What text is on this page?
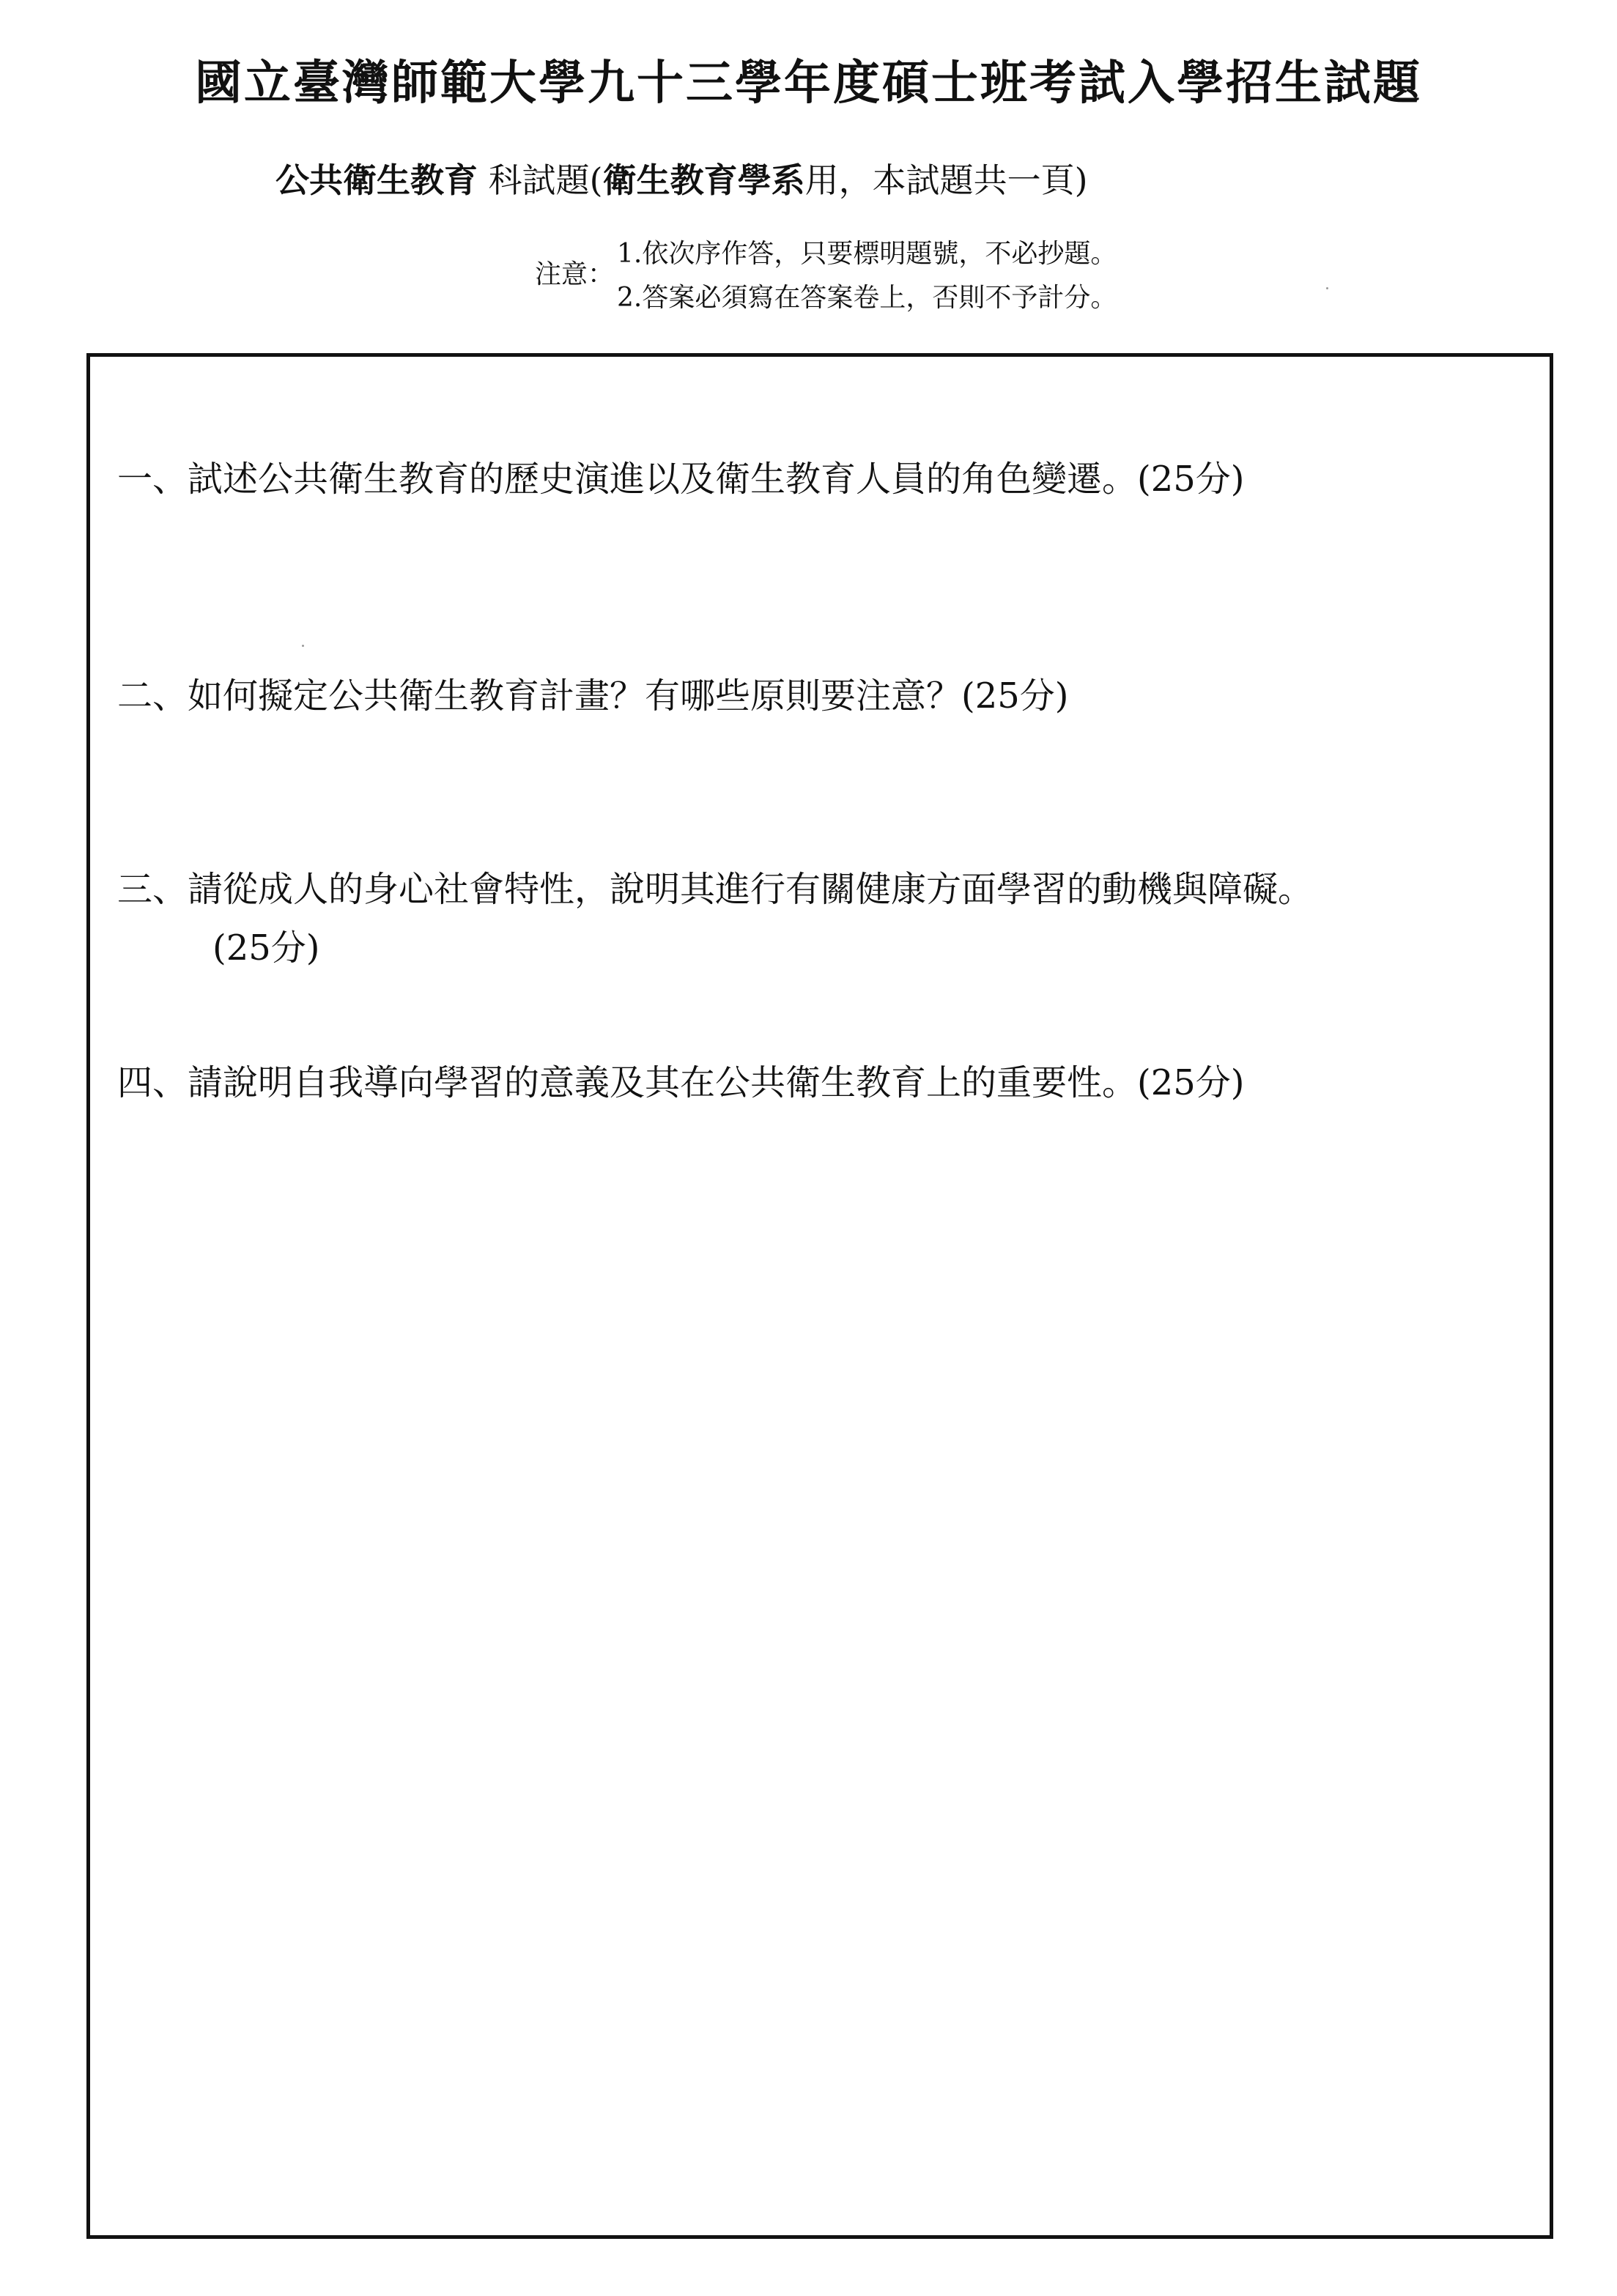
國立臺灣師範大學九十三學年度碩士班考試入學招生試題
公共衛生教育 科試題(衛生教育學系用，本試題共一頁)
注意：
1.依次序作答，只要標明題號，不必抄題。
2.答案必須寫在答案卷上，否則不予計分。
一、試述公共衛生教育的歷史演進以及衛生教育人員的角色變遷。(25分)
二、如何擬定公共衛生教育計畫？有哪些原則要注意？(25分)
三、請從成人的身心社會特性，說明其進行有關健康方面學習的動機與障礙。
(25分)
四、請說明自我導向學習的意義及其在公共衛生教育上的重要性。(25分)
